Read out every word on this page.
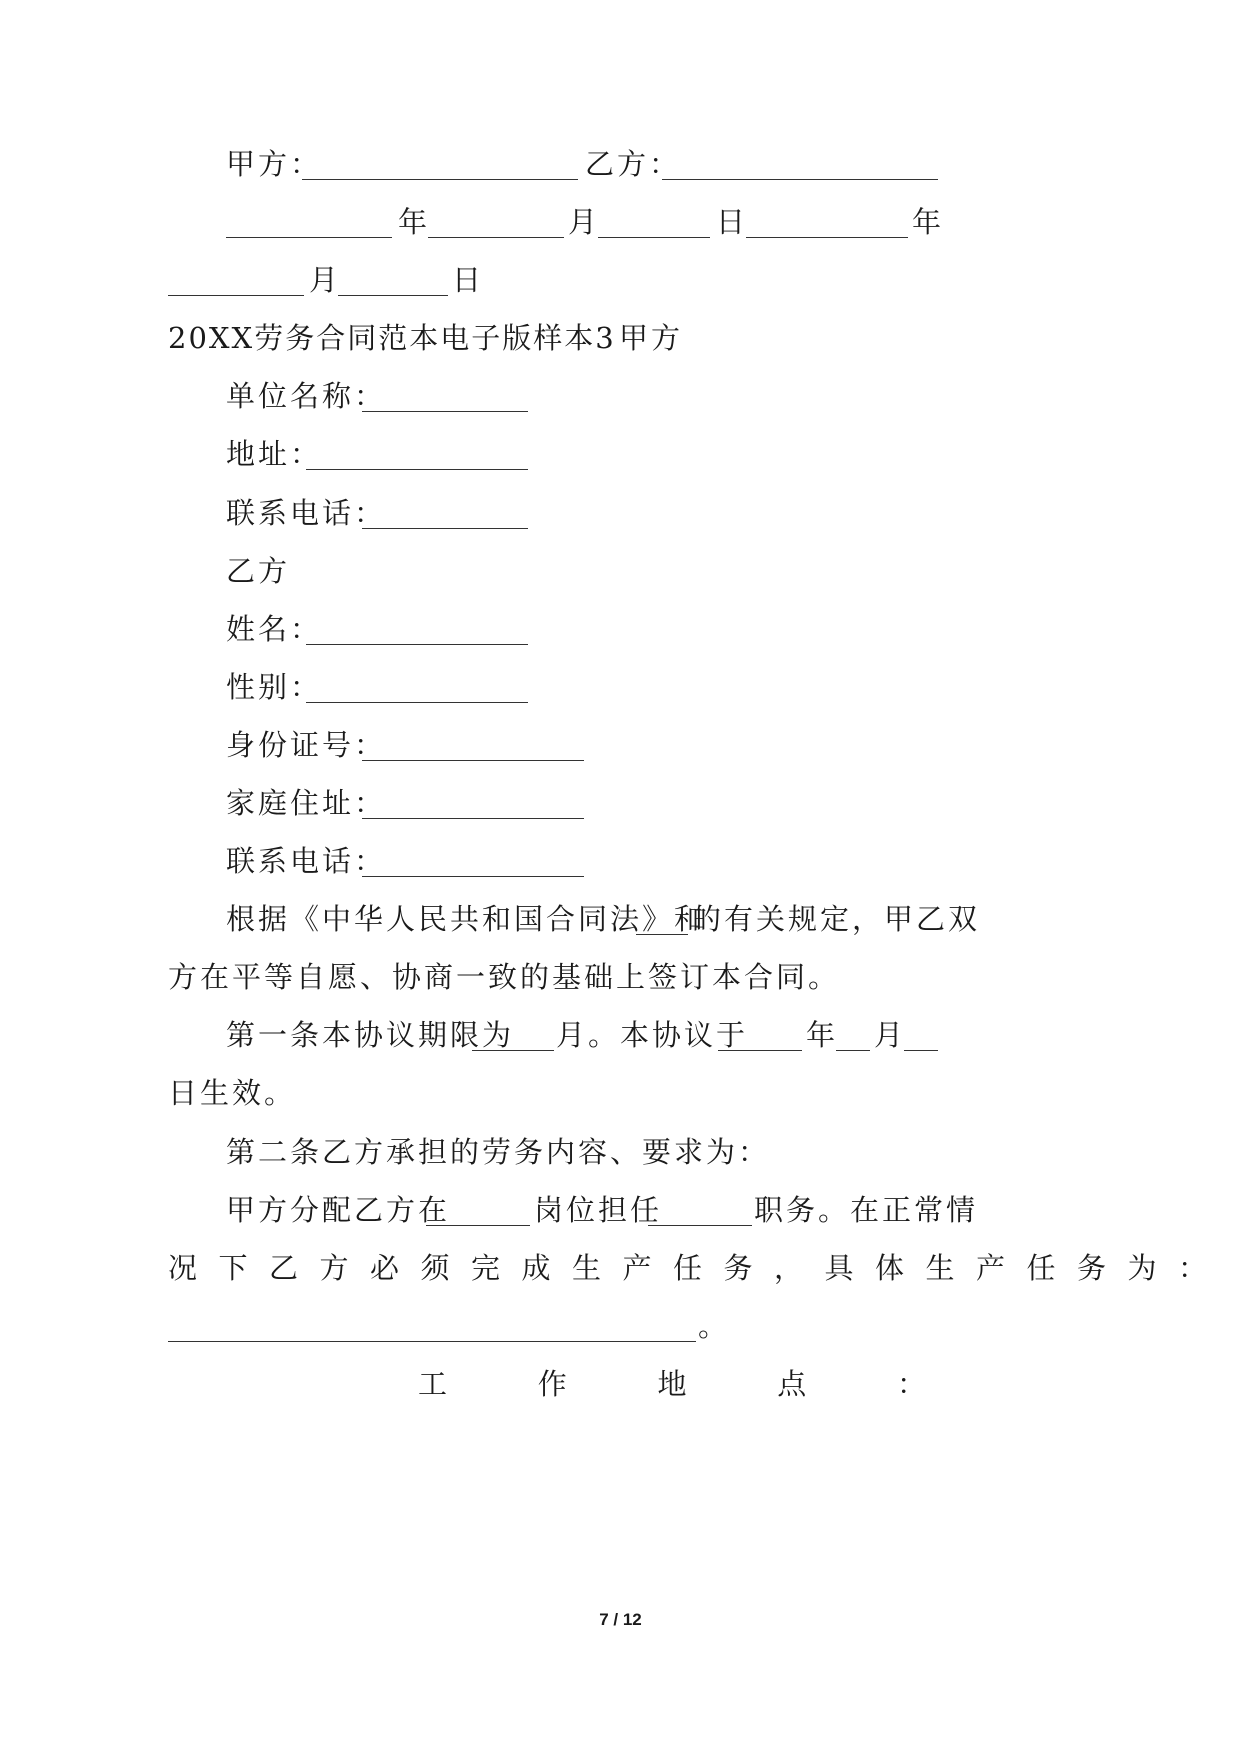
甲方：	乙方：
年	月	日	年
月	日
20XX劳务合同范本电子版样本3 甲方
单位名称：
地址：
联系电话：
乙方
姓名：
性别：
身份证号：
家庭住址：
联系电话：
根据《中华人民共和国合同法》和
的有关规定，甲乙双
方在平等自愿、协商一致的基础上签订本合同。
第一条本协议期限为 月。本协议于 年 月
日生效。
第二条乙方承担的劳务内容、要求为：
甲方分配乙方在	岗位担任	职务。在正常情
况下乙方必须完成生产任务，具体生产任务为：
。
工	作	地	点	：
7 / 12
